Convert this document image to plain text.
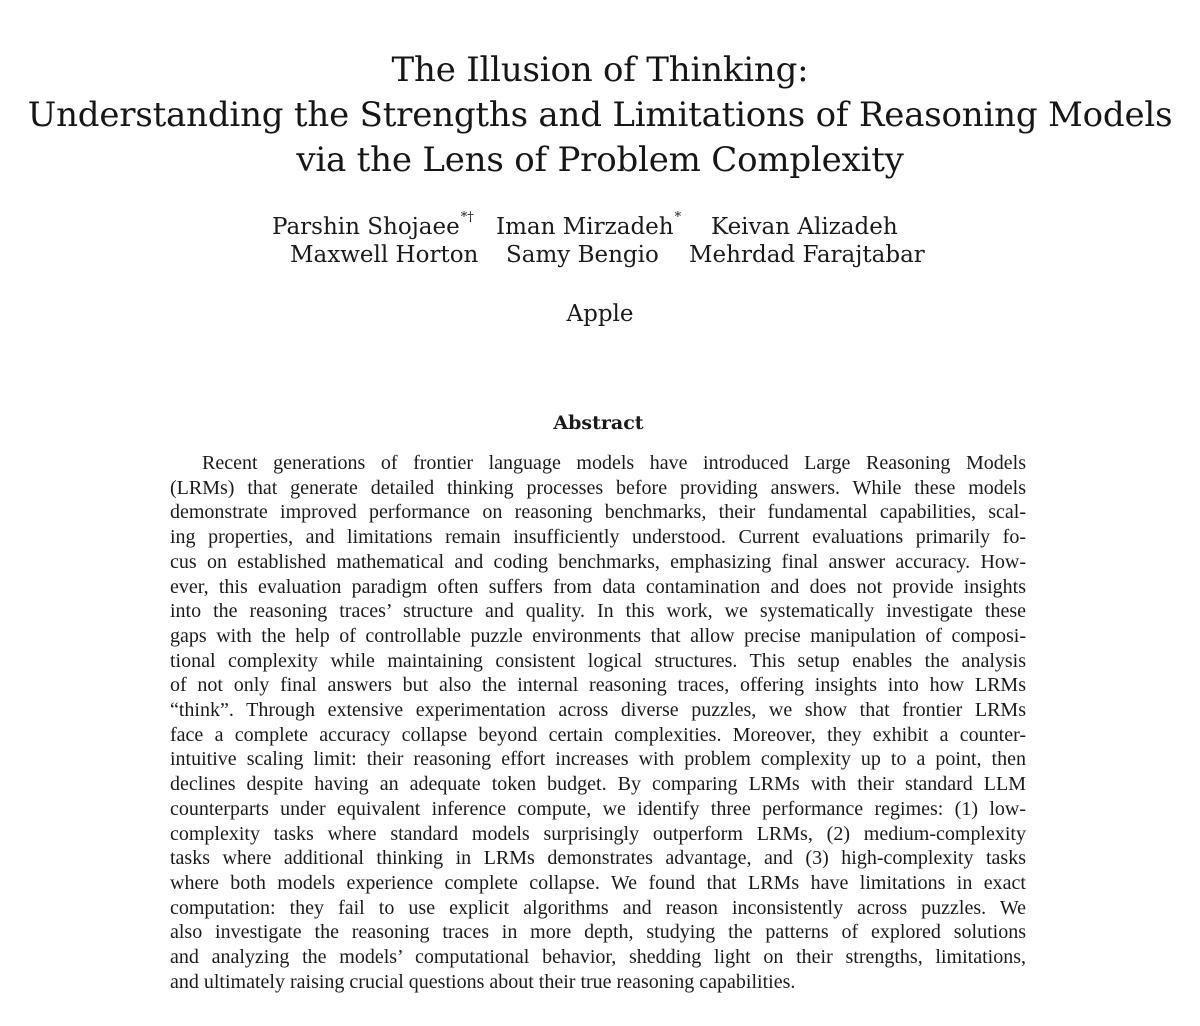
The Illusion of Thinking:
Understanding the Strengths and Limitations of Reasoning Models
via the Lens of Problem Complexity
Parshin Shojaee*† Iman Mirzadeh* Keivan Alizadeh
Maxwell Horton Samy Bengio Mehrdad Farajtabar
Apple
Abstract
Recent generations of frontier language models have introduced Large Reasoning Models
(LRMs) that generate detailed thinking processes before providing answers. While these models
demonstrate improved performance on reasoning benchmarks, their fundamental capabilities, scal-
ing properties, and limitations remain insufficiently understood. Current evaluations primarily fo-
cus on established mathematical and coding benchmarks, emphasizing final answer accuracy. How-
ever, this evaluation paradigm often suffers from data contamination and does not provide insights
into the reasoning traces’ structure and quality. In this work, we systematically investigate these
gaps with the help of controllable puzzle environments that allow precise manipulation of composi-
tional complexity while maintaining consistent logical structures. This setup enables the analysis
of not only final answers but also the internal reasoning traces, offering insights into how LRMs
“think”. Through extensive experimentation across diverse puzzles, we show that frontier LRMs
face a complete accuracy collapse beyond certain complexities. Moreover, they exhibit a counter-
intuitive scaling limit: their reasoning effort increases with problem complexity up to a point, then
declines despite having an adequate token budget. By comparing LRMs with their standard LLM
counterparts under equivalent inference compute, we identify three performance regimes: (1) low-
complexity tasks where standard models surprisingly outperform LRMs, (2) medium-complexity
tasks where additional thinking in LRMs demonstrates advantage, and (3) high-complexity tasks
where both models experience complete collapse. We found that LRMs have limitations in exact
computation: they fail to use explicit algorithms and reason inconsistently across puzzles. We
also investigate the reasoning traces in more depth, studying the patterns of explored solutions
and analyzing the models’ computational behavior, shedding light on their strengths, limitations,
and ultimately raising crucial questions about their true reasoning capabilities.
